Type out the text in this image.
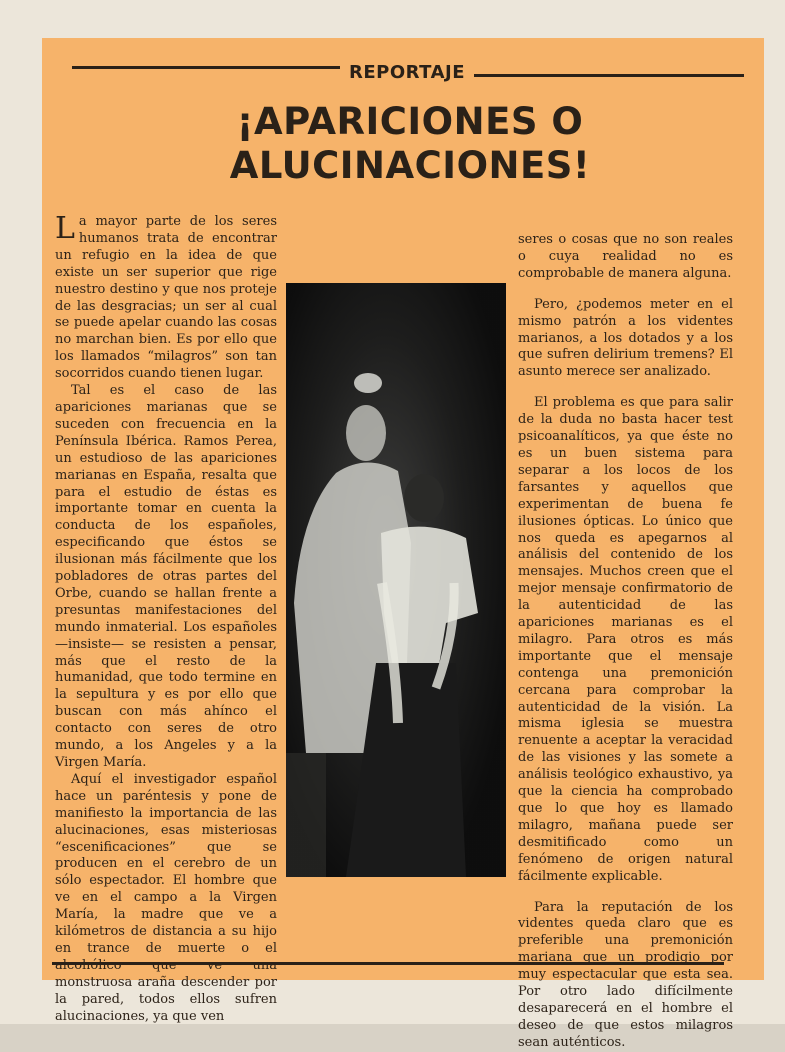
REPORTAJE
¡APARICIONES O
ALUCINACIONES!

La mayor parte de los seres humanos trata de encontrar un refugio en la idea de que existe un ser superior que rige nuestro destino y que nos proteje de las desgracias; un ser al cual se puede apelar cuando las cosas no marchan bien. Es por ello que los llamados “milagros” son tan socorridos cuando tienen lugar.

Tal es el caso de las apariciones marianas que se suceden con frecuencia en la Península Ibérica. Ramos Perea, un estudioso de las apariciones marianas en España, resalta que para el estudio de éstas es importante tomar en cuenta la conducta de los españoles, especificando que éstos se ilusionan más fácilmente que los pobladores de otras partes del Orbe, cuando se hallan frente a presuntas manifestaciones del mundo inmaterial. Los españoles —insiste— se resisten a pensar, más que el resto de la humanidad, que todo termine en la sepultura y es por ello que buscan con más ahínco el contacto con seres de otro mundo, a los Angeles y a la Virgen María.

Aquí el investigador español hace un paréntesis y pone de manifiesto la importancia de las alucinaciones, esas misteriosas “escenificaciones” que se producen en el cerebro de un sólo espectador. El hombre que ve en el campo a la Virgen María, la madre que ve a kilómetros de distancia a su hijo en trance de muerte o el alcohólico que ve una monstruosa araña descender por la pared, todos ellos sufren alucinaciones, ya que ven

seres o cosas que no son reales o cuya realidad no es comprobable de manera alguna.

Pero, ¿podemos meter en el mismo patrón a los videntes marianos, a los dotados y a los que sufren delirium tremens? El asunto merece ser analizado.

El problema es que para salir de la duda no basta hacer test psicoanalíticos, ya que éste no es un buen sistema para separar a los locos de los farsantes y aquellos que experimentan de buena fe ilusiones ópticas. Lo único que nos queda es apegarnos al análisis del contenido de los mensajes. Muchos creen que el mejor mensaje confirmatorio de la autenticidad de las apariciones marianas es el milagro. Para otros es más importante que el mensaje contenga una premonición cercana para comprobar la autenticidad de la visión. La misma iglesia se muestra renuente a aceptar la veracidad de las visiones y las somete a análisis teológico exhaustivo, ya que la ciencia ha comprobado que lo que hoy es llamado milagro, mañana puede ser desmitificado como un fenómeno de origen natural fácilmente explicable.

Para la reputación de los videntes queda claro que es preferible una premonición mariana que un prodigio por muy espectacular que esta sea. Por otro lado difícilmente desaparecerá en el hombre el deseo de que estos milagros sean auténticos.
